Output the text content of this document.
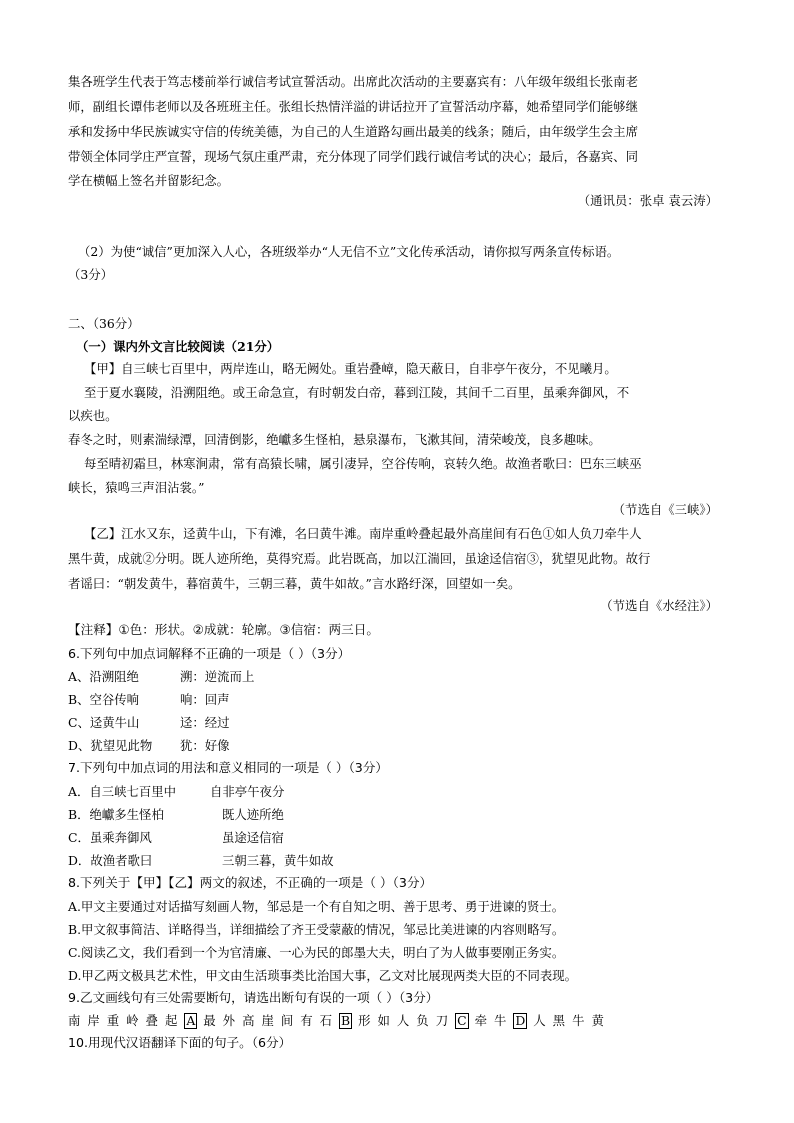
集各班学生代表于笃志楼前举行诚信考试宣誓活动。出席此次活动的主要嘉宾有：八年级年级组长张南老
师，副组长谭伟老师以及各班班主任。张组长热情洋溢的讲话拉开了宣誓活动序幕，她希望同学们能够继
承和发扬中华民族诚实守信的传统美德，为自己的人生道路勾画出最美的线条；随后，由年级学生会主席
带领全体同学庄严宣誓，现场气氛庄重严肃，充分体现了同学们践行诚信考试的决心；最后，各嘉宾、同
学在横幅上签名并留影纪念。
（通讯员：张卓 袁云涛）
（2）为使“诚信”更加深入人心，各班级举办“人无信不立”文化传承活动，请你拟写两条宣传标语。
（3分）
二、（36分）
（一）课内外文言比较阅读（21分）
【甲】自三峡七百里中，两岸连山，略无阙处。重岩叠嶂，隐天蔽日，自非亭午夜分，不见曦月。
至于夏水襄陵，沿溯阻绝。或王命急宣，有时朝发白帝，暮到江陵，其间千二百里，虽乘奔御风，不
以疾也。
春冬之时，则素湍绿潭，回清倒影，绝巘多生怪柏，悬泉瀑布，飞漱其间，清荣峻茂，良多趣味。
每至晴初霜旦，林寒涧肃，常有高猿长啸，属引凄异，空谷传响，哀转久绝。故渔者歌曰：巴东三峡巫
峡长，猿鸣三声泪沾裳。”
（节选自《三峡》）
【乙】江水又东，迳黄牛山，下有滩，名曰黄牛滩。南岸重岭叠起最外高崖间有石色①如人负刀牵牛人
黑牛黄，成就②分明。既人迹所绝，莫得究焉。此岩既高，加以江湍回，虽途迳信宿③，犹望见此物。故行
者谣曰：“朝发黄牛，暮宿黄牛，三朝三暮，黄牛如故。”言水路纡深，回望如一矣。
（节选自《水经注》）
【注释】①色：形状。②成就：轮廓。③信宿：两三日。
6.下列句中加点词解释不正确的一项是（ ）（3分）
A、沿溯阻绝	溯：逆流而上
B、空谷传响	响：回声
C、迳黄牛山	迳：经过
D、犹望见此物 犹：好像
7.下列句中加点词的用法和意义相同的一项是（ ）（3分）
A．自三峡七百里中	自非亭午夜分
B．绝巘多生怪柏	既人迹所绝
C．虽乘奔御风	虽途迳信宿
D．故渔者歌曰	三朝三暮，黄牛如故
8.下列关于【甲】【乙】两文的叙述，不正确的一项是（ ）（3分）
A.甲文主要通过对话描写刻画人物，邹忌是一个有自知之明、善于思考、勇于进谏的贤士。
B.甲文叙事简洁、详略得当，详细描绘了齐王受蒙蔽的情况，邹忌比美进谏的内容则略写。
C.阅读乙文，我们看到一个为官清廉、一心为民的郎墨大夫，明白了为人做事要刚正务实。
D.甲乙两文极具艺术性，甲文由生活琐事类比治国大事，乙文对比展现两类大臣的不同表现。
9.乙文画线句有三处需要断句，请选出断句有误的一项（ ）（3分）
南岸重岭叠起 A 最外高崖间有石 B 形如人负刀 C 牵牛 D 人黑牛黄
10.用现代汉语翻译下面的句子。（6分）
